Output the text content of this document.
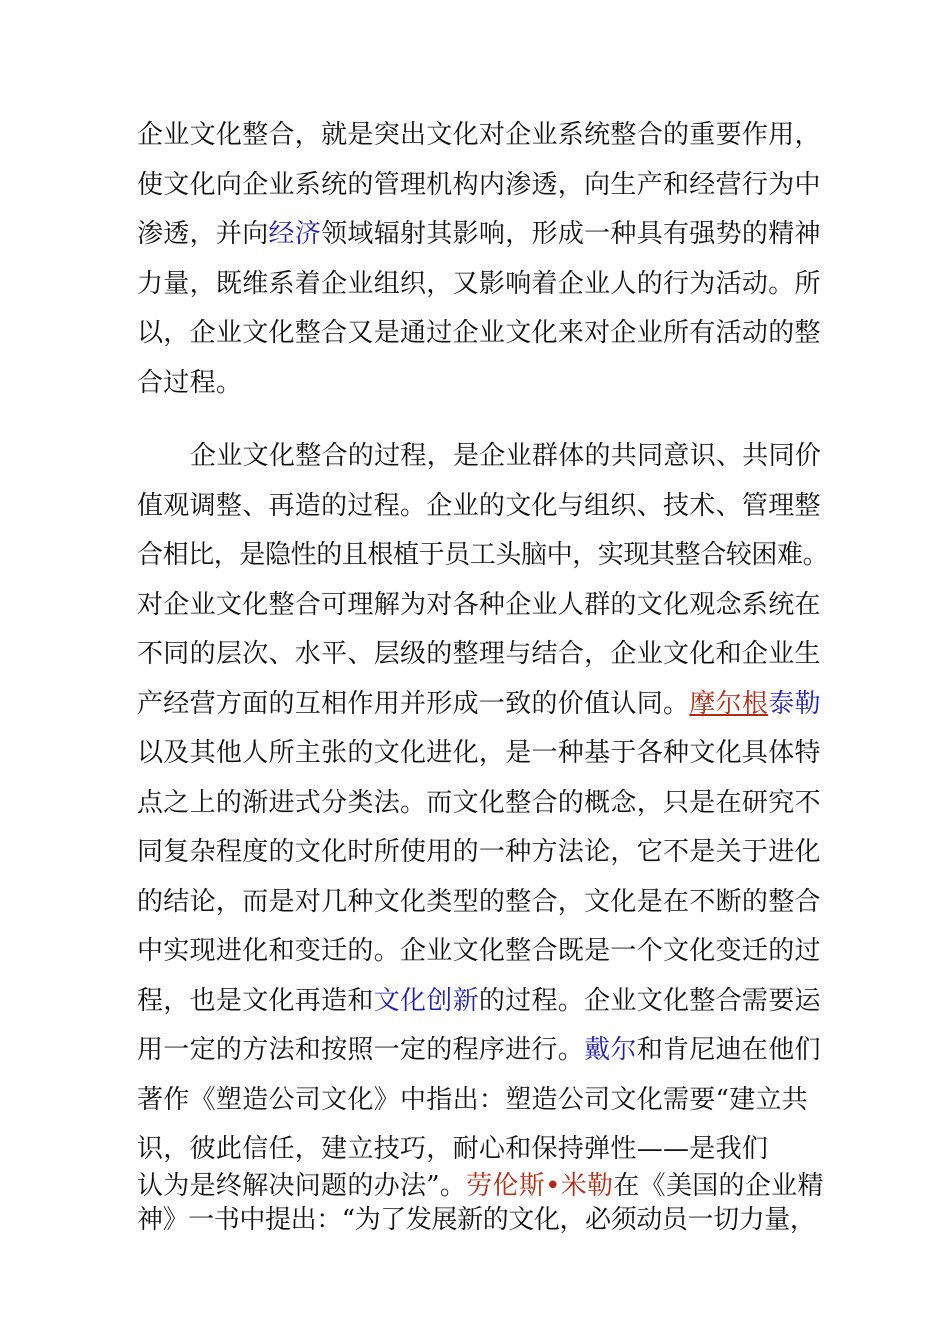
企业文化整合，就是突出文化对企业系统整合的重要作用，
使文化向企业系统的管理机构内渗透，向生产和经营行为中
渗透，并向经济领域辐射其影响，形成一种具有强势的精神
力量，既维系着企业组织，又影响着企业人的行为活动。所
以，企业文化整合又是通过企业文化来对企业所有活动的整
合过程。
企业文化整合的过程，是企业群体的共同意识、共同价
值观调整、再造的过程。企业的文化与组织、技术、管理整
合相比，是隐性的且根植于员工头脑中，实现其整合较困难。
对企业文化整合可理解为对各种企业人群的文化观念系统在
不同的层次、水平、层级的整理与结合，企业文化和企业生
产经营方面的互相作用并形成一致的价值认同。摩尔根泰勒
以及其他人所主张的文化进化，是一种基于各种文化具体特
点之上的渐进式分类法。而文化整合的概念，只是在研究不
同复杂程度的文化时所使用的一种方法论，它不是关于进化
的结论，而是对几种文化类型的整合，文化是在不断的整合
中实现进化和变迁的。企业文化整合既是一个文化变迁的过
程，也是文化再造和文化创新的过程。企业文化整合需要运
用一定的方法和按照一定的程序进行。戴尔和肯尼迪在他们
著作《塑造公司文化》中指出：塑造公司文化需要“建立共
识，彼此信任，建立技巧，耐心和保持弹性——是我们
认为是终解决问题的办法”。劳伦斯•米勒在《美国的企业精
神》一书中提出：“为了发展新的文化，必须动员一切力量，
